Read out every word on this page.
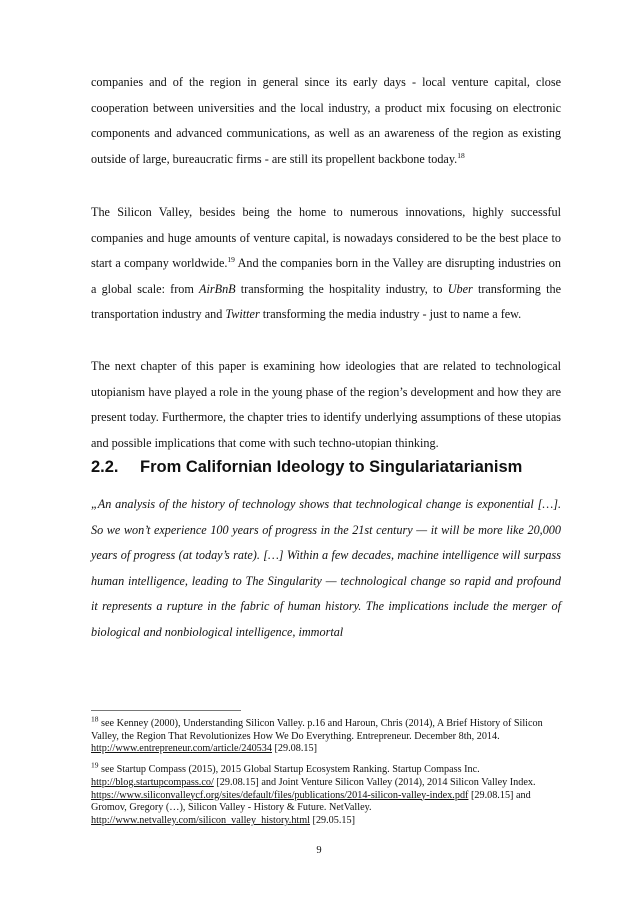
companies and of the region in general since its early days - local venture capital, close cooperation between universities and the local industry, a product mix focusing on electronic components and advanced communications, as well as an awareness of the region as existing outside of large, bureaucratic firms - are still its propellent backbone today.$^{18}$

The Silicon Valley, besides being the home to numerous innovations, highly successful companies and huge amounts of venture capital, is nowadays considered to be the best place to start a company worldwide.$^{19}$ And the companies born in the Valley are disrupting industries on a global scale: from AirBnB transforming the hospitality industry, to Uber transforming the transportation industry and Twitter transforming the media industry - just to name a few.

The next chapter of this paper is examining how ideologies that are related to technological utopianism have played a role in the young phase of the region’s development and how they are present today. Furthermore, the chapter tries to identify underlying assumptions of these utopias and possible implications that come with such techno-utopian thinking.

2.2. From Californian Ideology to Singulariatarianism

„An analysis of the history of technology shows that technological change is exponential […]. So we won’t experience 100 years of progress in the 21st century — it will be more like 20,000 years of progress (at today’s rate). […] Within a few decades, machine intelligence will surpass human intelligence, leading to The Singularity — technological change so rapid and profound it represents a rupture in the fabric of human history. The implications include the merger of biological and nonbiological intelligence, immortal

$^{18}$ see Kenney (2000), Understanding Silicon Valley. p.16 and Haroun, Chris (2014), A Brief History of Silicon Valley, the Region That Revolutionizes How We Do Everything. Entrepreneur. December 8th, 2014. http://www.entrepreneur.com/article/240534 [29.08.15]

$^{19}$ see Startup Compass (2015), 2015 Global Startup Ecosystem Ranking. Startup Compass Inc. http://blog.startupcompass.co/ [29.08.15] and Joint Venture Silicon Valley (2014), 2014 Silicon Valley Index. https://www.siliconvalleycf.org/sites/default/files/publications/2014-silicon-valley-index.pdf [29.08.15] and Gromov, Gregory (…), Silicon Valley - History & Future. NetValley. http://www.netvalley.com/silicon_valley_history.html [29.05.15]

9
